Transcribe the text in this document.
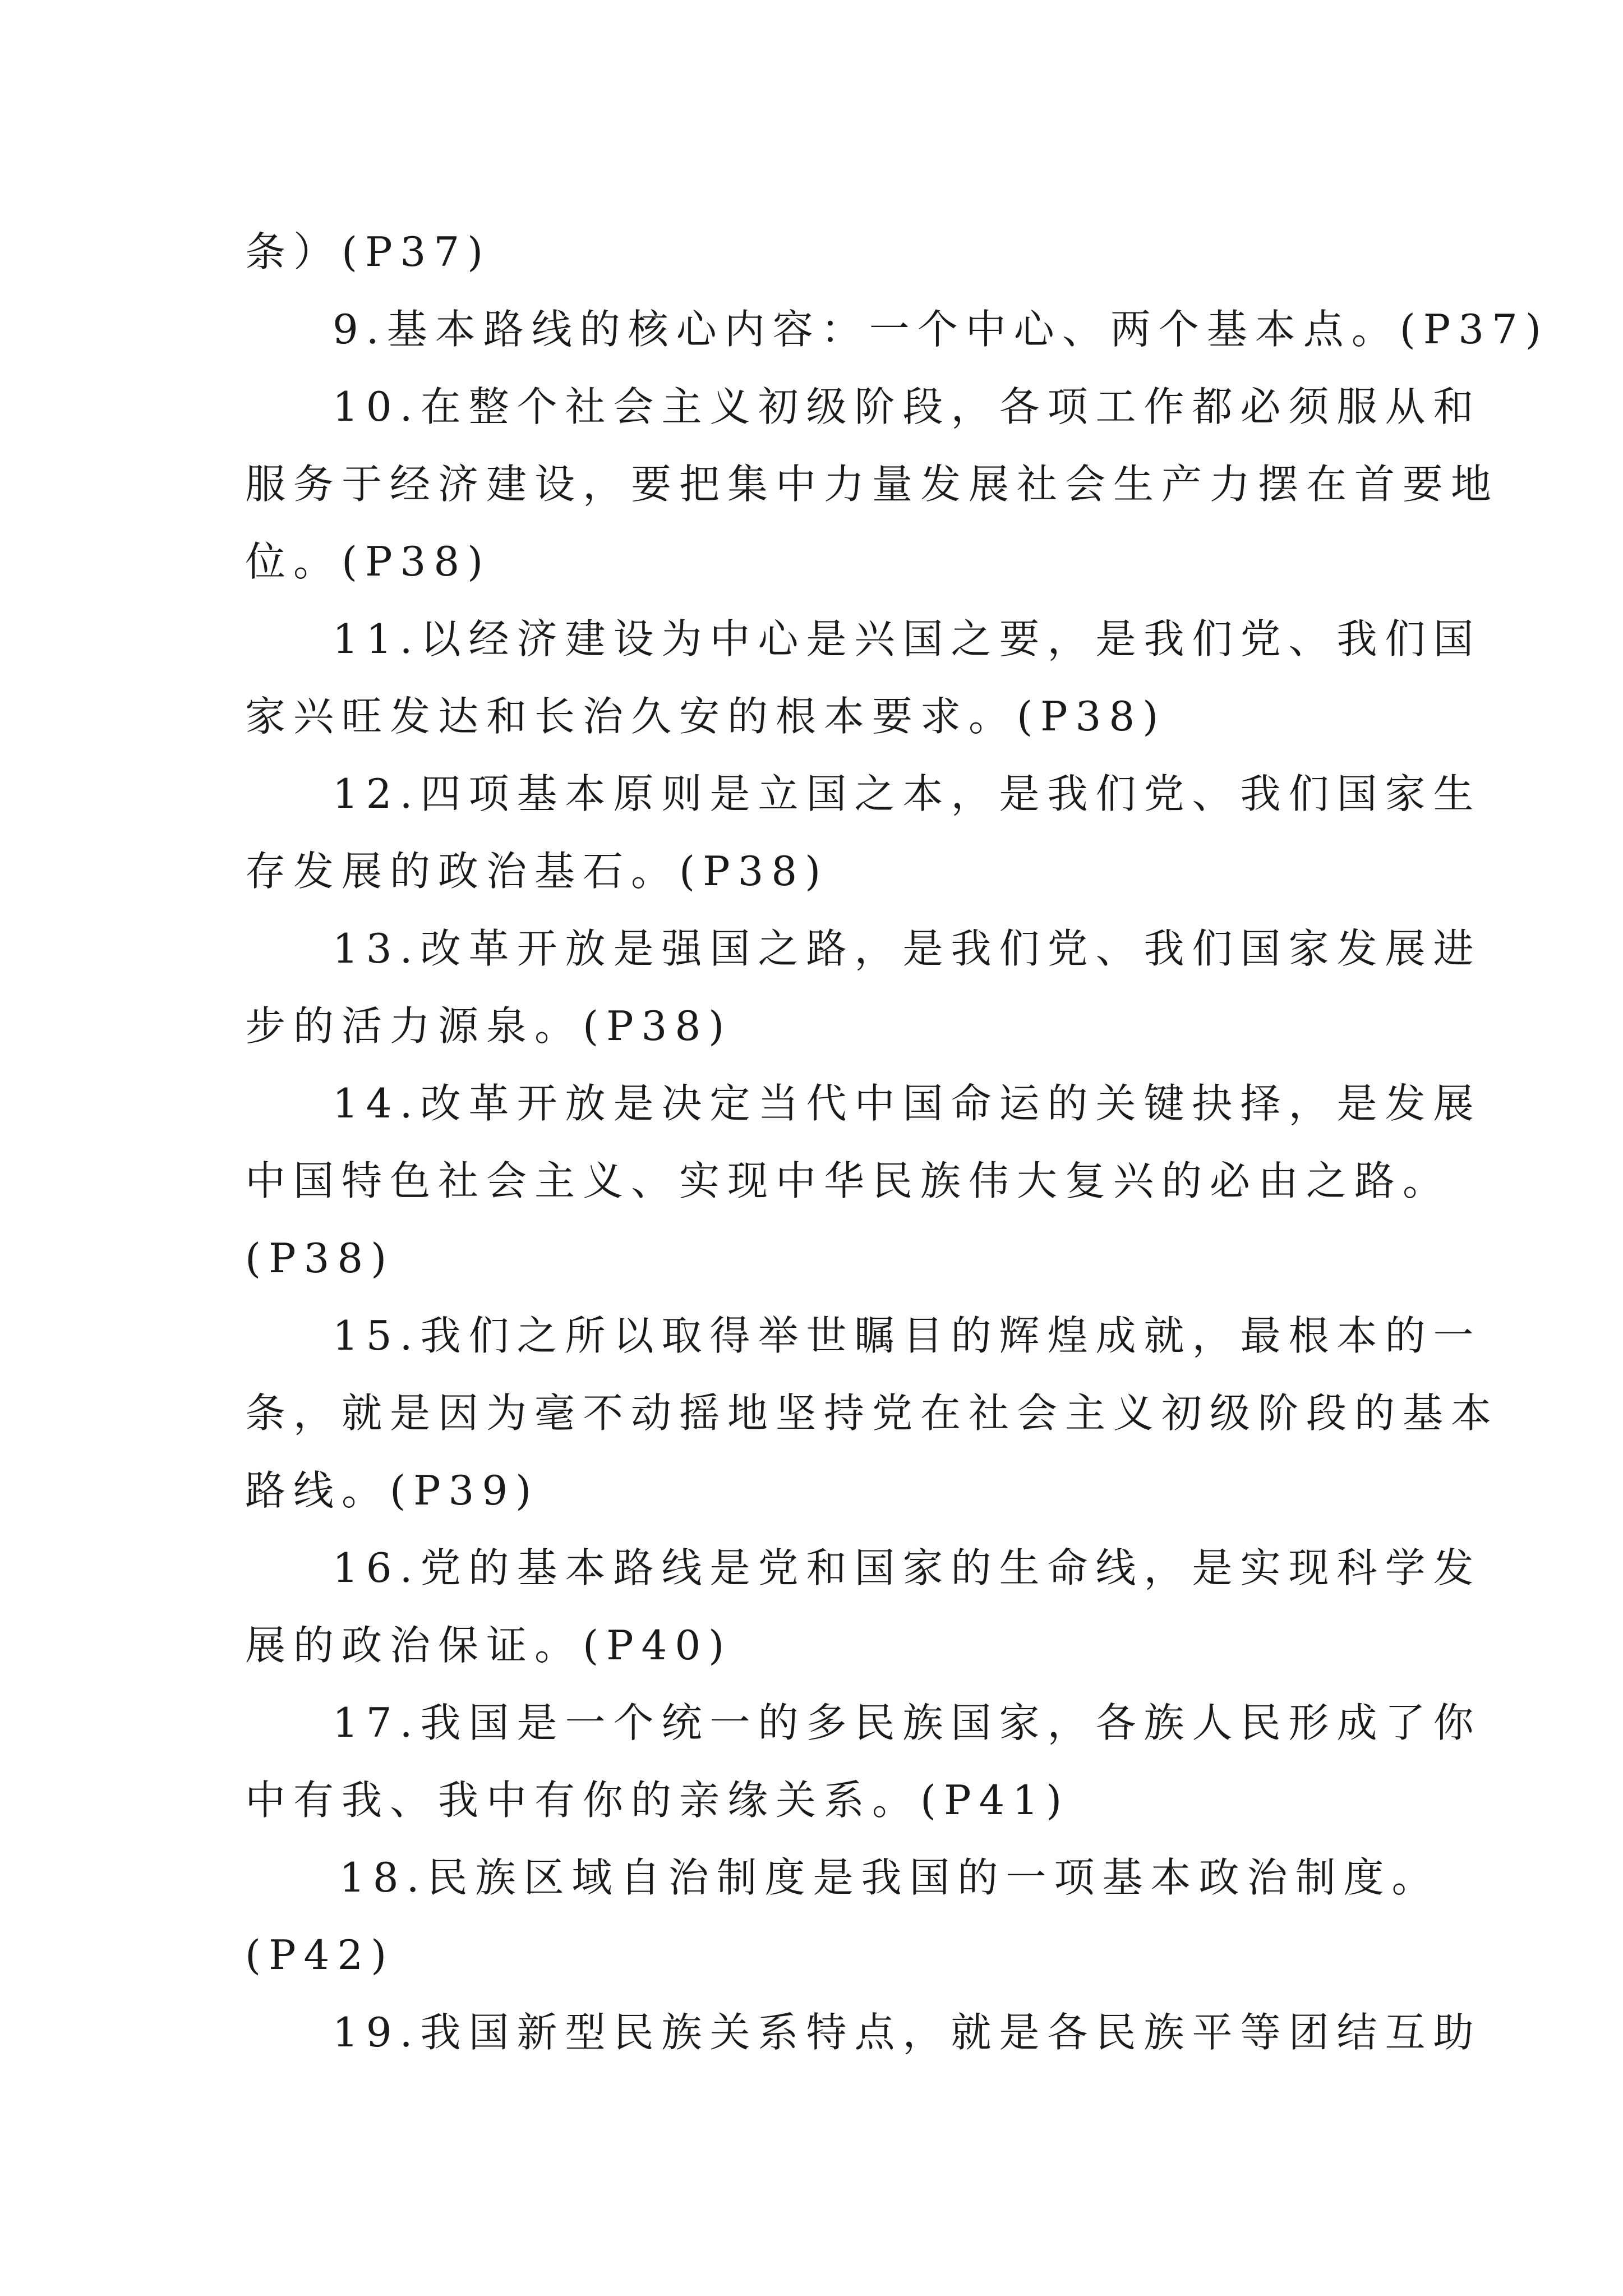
条）(P37)
9.基本路线的核心内容：一个中心、两个基本点。(P37)
10.在整个社会主义初级阶段，各项工作都必须服从和
服务于经济建设，要把集中力量发展社会生产力摆在首要地
位。(P38)
11.以经济建设为中心是兴国之要，是我们党、我们国
家兴旺发达和长治久安的根本要求。(P38)
12.四项基本原则是立国之本，是我们党、我们国家生
存发展的政治基石。(P38)
13.改革开放是强国之路，是我们党、我们国家发展进
步的活力源泉。(P38)
14.改革开放是决定当代中国命运的关键抉择，是发展
中国特色社会主义、实现中华民族伟大复兴的必由之路。
(P38)
15.我们之所以取得举世瞩目的辉煌成就，最根本的一
条，就是因为毫不动摇地坚持党在社会主义初级阶段的基本
路线。(P39)
16.党的基本路线是党和国家的生命线，是实现科学发
展的政治保证。(P40)
17.我国是一个统一的多民族国家，各族人民形成了你
中有我、我中有你的亲缘关系。(P41)
18.民族区域自治制度是我国的一项基本政治制度。
(P42)
19.我国新型民族关系特点，就是各民族平等团结互助
